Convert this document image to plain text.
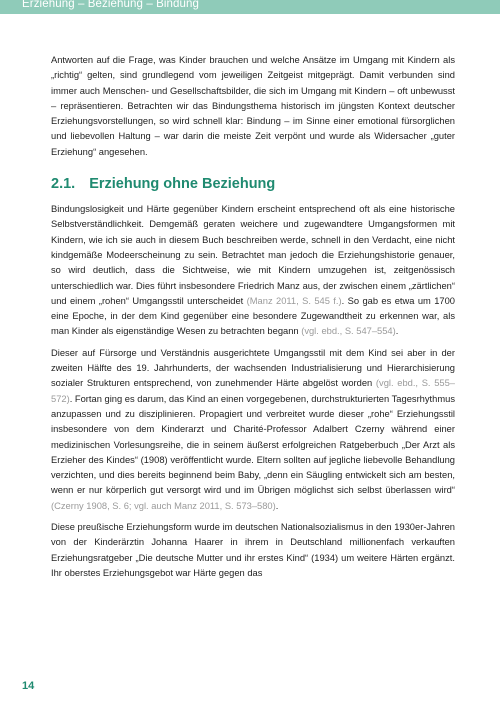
Erziehung – Beziehung – Bindung

Antworten auf die Frage, was Kinder brauchen und welche Ansätze im Umgang mit Kindern als „richtig“ gelten, sind grundlegend vom jeweiligen Zeitgeist mitgeprägt. Damit verbunden sind immer auch Menschen- und Gesellschaftsbilder, die sich im Umgang mit Kindern – oft unbewusst – repräsentieren. Betrachten wir das Bindungsthema historisch im jüngsten Kontext deutscher Erziehungsvorstellungen, so wird schnell klar: Bindung – im Sinne einer emotional fürsorglichen und liebevollen Haltung – war darin die meiste Zeit verpönt und wurde als Widersacher „guter Erziehung“ angesehen.

2.1. Erziehung ohne Beziehung

Bindungslosigkeit und Härte gegenüber Kindern erscheint entsprechend oft als eine historische Selbstverständlichkeit. Demgemäß geraten weichere und zugewandtere Umgangsformen mit Kindern, wie ich sie auch in diesem Buch beschreiben werde, schnell in den Verdacht, eine nicht kindgemäße Modeerscheinung zu sein. Betrachtet man jedoch die Erziehungshistorie genauer, so wird deutlich, dass die Sichtweise, wie mit Kindern umzugehen ist, zeitgenössisch unterschiedlich war. Dies führt insbesondere Friedrich Manz aus, der zwischen einem „zärtlichen“ und einem „rohen“ Umgangsstil unterscheidet (Manz 2011, S. 545 f.). So gab es etwa um 1700 eine Epoche, in der dem Kind gegenüber eine besondere Zugewandtheit zu erkennen war, als man Kinder als eigenständige Wesen zu betrachten begann (vgl. ebd., S. 547–554).

Dieser auf Fürsorge und Verständnis ausgerichtete Umgangsstil mit dem Kind sei aber in der zweiten Hälfte des 19. Jahrhunderts, der wachsenden Industrialisierung und Hierarchisierung sozialer Strukturen entsprechend, von zunehmender Härte abgelöst worden (vgl. ebd., S. 555–572). Fortan ging es darum, das Kind an einen vorgegebenen, durchstrukturierten Tagesrhythmus anzupassen und zu disziplinieren. Propagiert und verbreitet wurde dieser „rohe“ Erziehungsstil insbesondere von dem Kinderarzt und Charité-Professor Adalbert Czerny während einer medizinischen Vorlesungsreihe, die in seinem äußerst erfolgreichen Ratgeberbuch „Der Arzt als Erzieher des Kindes“ (1908) veröffentlicht wurde. Eltern sollten auf jegliche liebevolle Behandlung verzichten, und dies bereits beginnend beim Baby, „denn ein Säugling entwickelt sich am besten, wenn er nur körperlich gut versorgt wird und im Übrigen möglichst sich selbst überlassen wird“ (Czerny 1908, S. 6; vgl. auch Manz 2011, S. 573–580).

Diese preußische Erziehungsform wurde im deutschen Nationalsozialismus in den 1930er-Jahren von der Kinderärztin Johanna Haarer in ihrem in Deutschland millionenfach verkauften Erziehungsratgeber „Die deutsche Mutter und ihr erstes Kind“ (1934) um weitere Härten ergänzt. Ihr oberstes Erziehungsgebot war Härte gegen das

14
